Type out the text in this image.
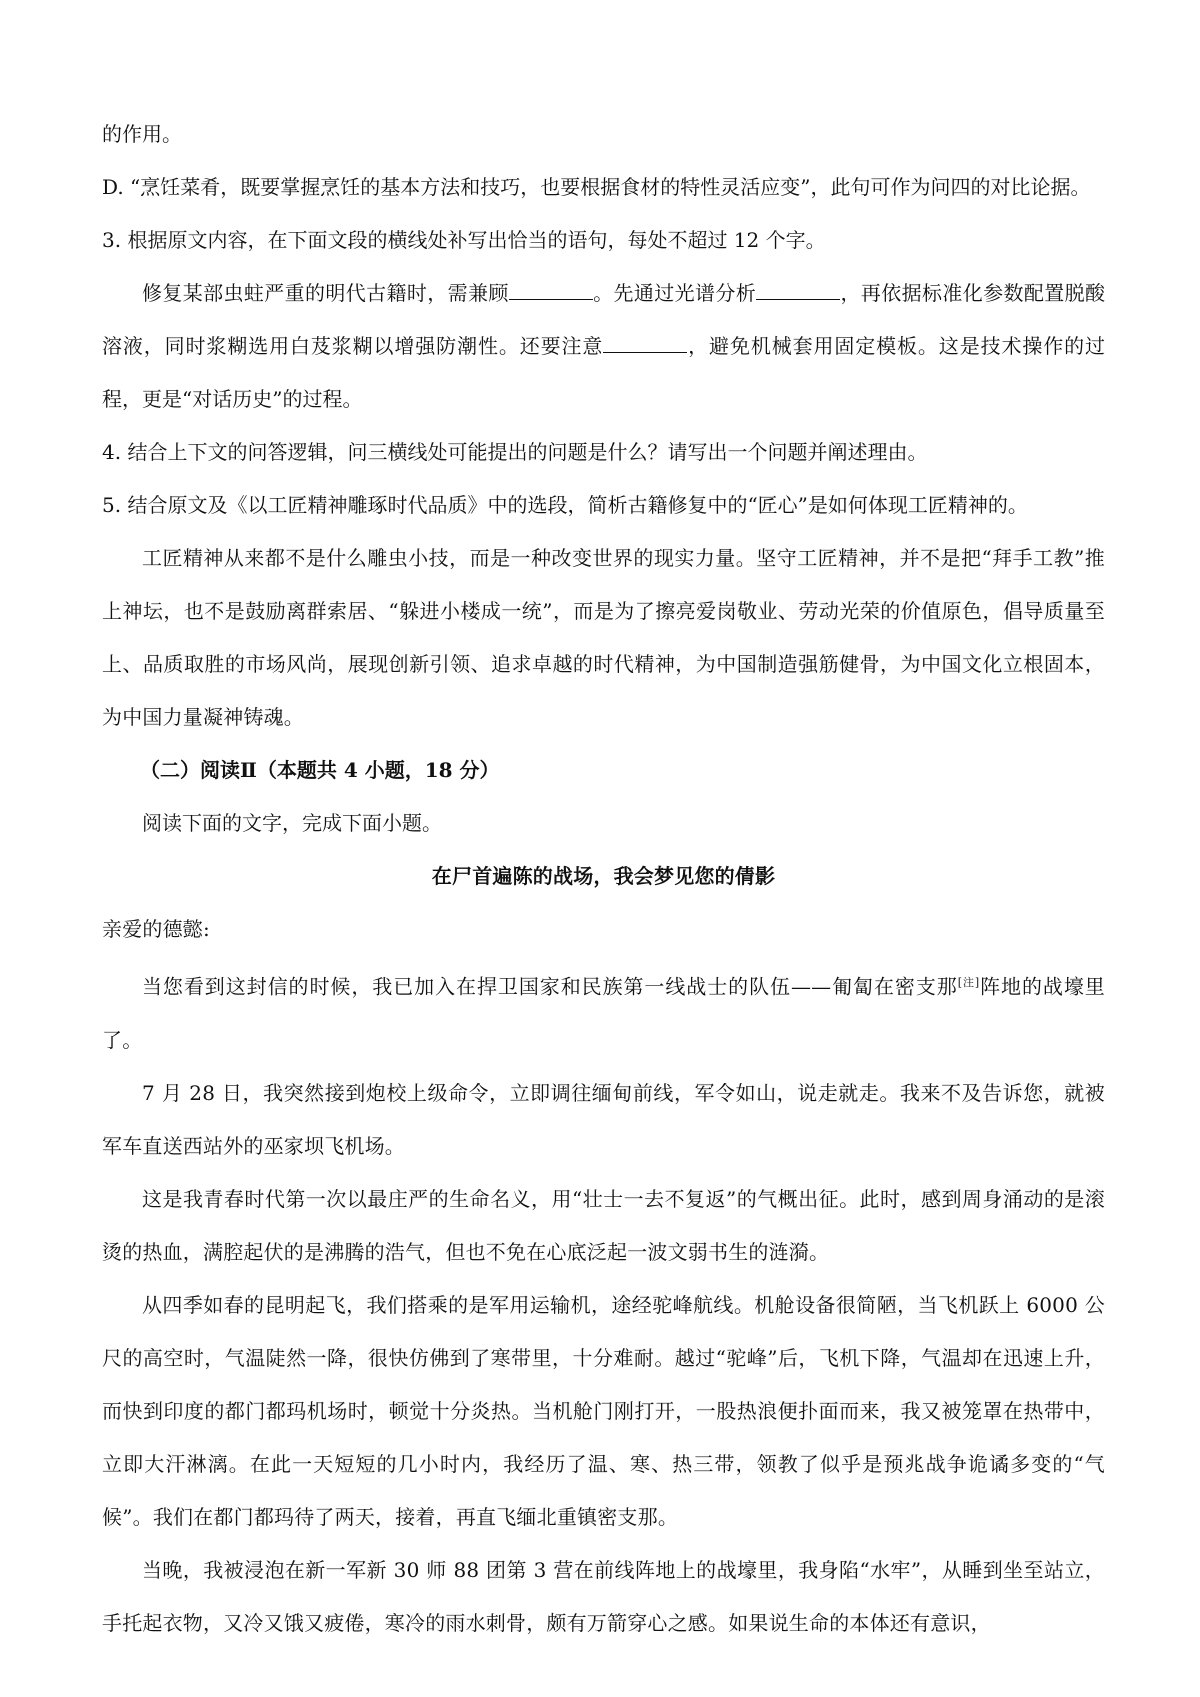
的作用。

D. “烹饪菜肴，既要掌握烹饪的基本方法和技巧，也要根据食材的特性灵活应变”，此句可作为问四的对比论据。

3. 根据原文内容，在下面文段的横线处补写出恰当的语句，每处不超过 12 个字。

修复某部虫蛀严重的明代古籍时，需兼顾	。先通过光谱分析	，再依据标准化参数配置脱酸溶液，同时浆糊选用白芨浆糊以增强防潮性。还要注意	，避免机械套用固定模板。这是技术操作的过程，更是“对话历史”的过程。

4. 结合上下文的问答逻辑，问三横线处可能提出的问题是什么？请写出一个问题并阐述理由。

5. 结合原文及《以工匠精神雕琢时代品质》中的选段，简析古籍修复中的“匠心”是如何体现工匠精神的。

工匠精神从来都不是什么雕虫小技，而是一种改变世界的现实力量。坚守工匠精神，并不是把“拜手工教”推上神坛，也不是鼓励离群索居、“躲进小楼成一统”，而是为了擦亮爱岗敬业、劳动光荣的价值原色，倡导质量至上、品质取胜的市场风尚，展现创新引领、追求卓越的时代精神，为中国制造强筋健骨，为中国文化立根固本，为中国力量凝神铸魂。

（二）阅读Ⅱ（本题共 4 小题，18 分）

阅读下面的文字，完成下面小题。

在尸首遍陈的战场，我会梦见您的倩影

亲爱的德懿:

当您看到这封信的时候，我已加入在捍卫国家和民族第一线战士的队伍——匍匐在密支那[注]阵地的战壕里了。

7 月 28 日，我突然接到炮校上级命令，立即调往缅甸前线，军令如山，说走就走。我来不及告诉您，就被军车直送西站外的巫家坝飞机场。

这是我青春时代第一次以最庄严的生命名义，用“壮士一去不复返”的气概出征。此时，感到周身涌动的是滚烫的热血，满腔起伏的是沸腾的浩气，但也不免在心底泛起一波文弱书生的涟漪。

从四季如春的昆明起飞，我们搭乘的是军用运输机，途经驼峰航线。机舱设备很简陋，当飞机跃上 6000 公尺的高空时，气温陡然一降，很快仿佛到了寒带里，十分难耐。越过“驼峰”后，飞机下降，气温却在迅速上升，而快到印度的都门都玛机场时，顿觉十分炎热。当机舱门刚打开，一股热浪便扑面而来，我又被笼罩在热带中，立即大汗淋漓。在此一天短短的几小时内，我经历了温、寒、热三带，领教了似乎是预兆战争诡谲多变的“气候”。我们在都门都玛待了两天，接着，再直飞缅北重镇密支那。

当晚，我被浸泡在新一军新 30 师 88 团第 3 营在前线阵地上的战壕里，我身陷“水牢”，从睡到坐至站立，手托起衣物，又冷又饿又疲倦，寒冷的雨水刺骨，颇有万箭穿心之感。如果说生命的本体还有意识，
